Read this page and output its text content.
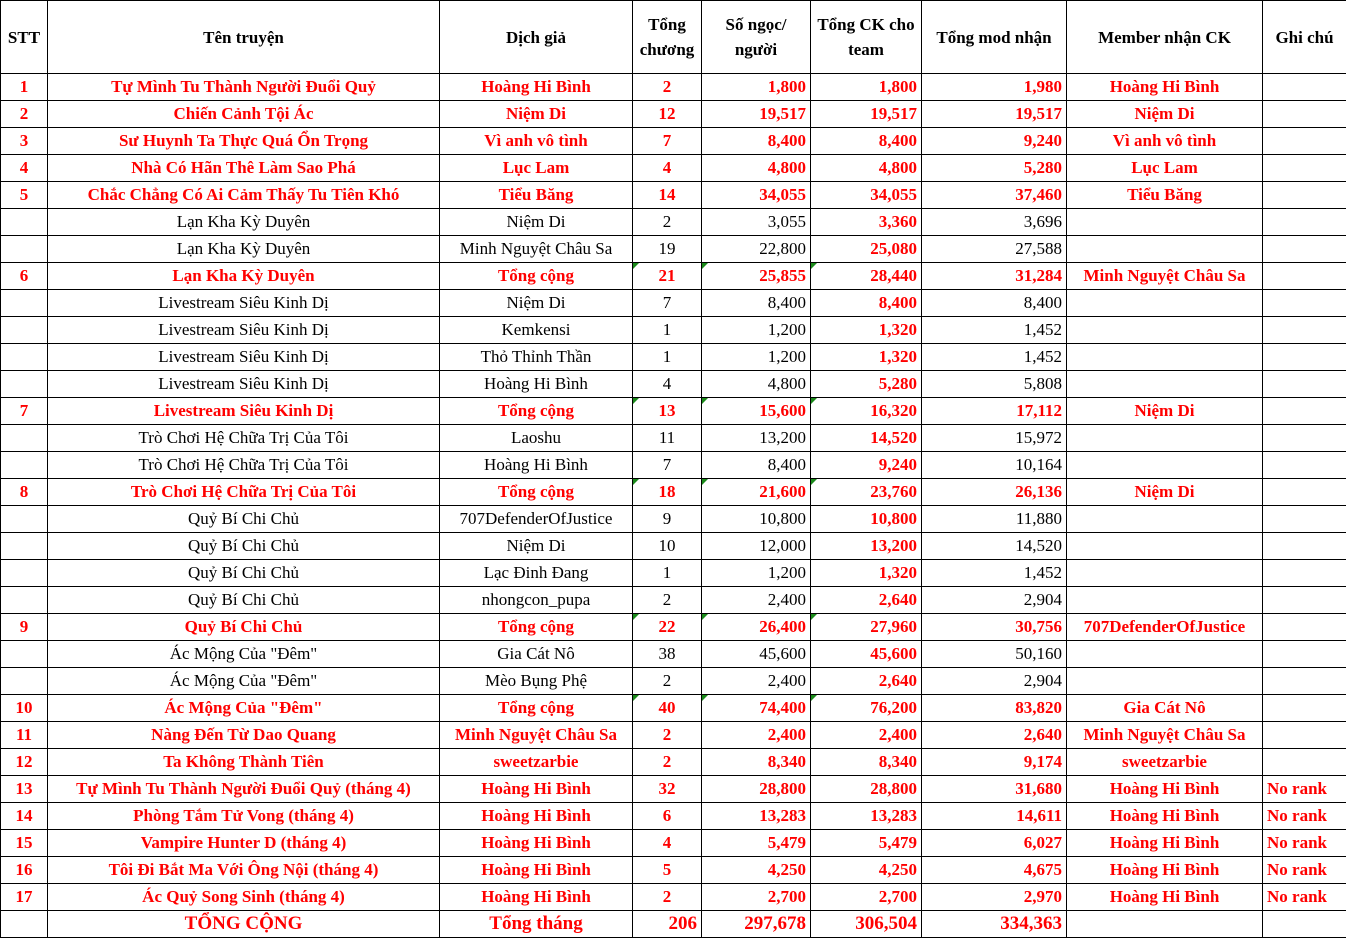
STT	Tên truyện	Dịch giả	Tổng chương	Số ngọc/ người	Tổng CK cho team	Tổng mod nhận	Member nhận CK	Ghi chú
1	Tự Mình Tu Thành Người Đuổi Quỷ	Hoàng Hi Bình	2	1,800	1,800	1,980	Hoàng Hi Bình	
2	Chiến Cảnh Tội Ác	Niệm Di	12	19,517	19,517	19,517	Niệm Di	
3	Sư Huynh Ta Thực Quá Ổn Trọng	Vì anh vô tình	7	8,400	8,400	9,240	Vì anh vô tình	
4	Nhà Có Hãn Thê Làm Sao Phá	Lục Lam	4	4,800	4,800	5,280	Lục Lam	
5	Chắc Chẳng Có Ai Cảm Thấy Tu Tiên Khó	Tiểu Băng	14	34,055	34,055	37,460	Tiểu Băng	
	Lạn Kha Kỳ Duyên	Niệm Di	2	3,055	3,360	3,696		
	Lạn Kha Kỳ Duyên	Minh Nguyệt Châu Sa	19	22,800	25,080	27,588		
6	Lạn Kha Kỳ Duyên	Tổng cộng	21	25,855	28,440	31,284	Minh Nguyệt Châu Sa	
	Livestream Siêu Kinh Dị	Niệm Di	7	8,400	8,400	8,400		
	Livestream Siêu Kinh Dị	Kemkensi	1	1,200	1,320	1,452		
	Livestream Siêu Kinh Dị	Thỏ Thỉnh Thần	1	1,200	1,320	1,452		
	Livestream Siêu Kinh Dị	Hoàng Hi Bình	4	4,800	5,280	5,808		
7	Livestream Siêu Kinh Dị	Tổng cộng	13	15,600	16,320	17,112	Niệm Di	
	Trò Chơi Hệ Chữa Trị Của Tôi	Laoshu	11	13,200	14,520	15,972		
	Trò Chơi Hệ Chữa Trị Của Tôi	Hoàng Hi Bình	7	8,400	9,240	10,164		
8	Trò Chơi Hệ Chữa Trị Của Tôi	Tổng cộng	18	21,600	23,760	26,136	Niệm Di	
	Quỷ Bí Chi Chủ	707DefenderOfJustice	9	10,800	10,800	11,880		
	Quỷ Bí Chi Chủ	Niệm Di	10	12,000	13,200	14,520		
	Quỷ Bí Chi Chủ	Lạc Đinh Đang	1	1,200	1,320	1,452		
	Quỷ Bí Chi Chủ	nhongcon_pupa	2	2,400	2,640	2,904		
9	Quỷ Bí Chi Chủ	Tổng cộng	22	26,400	27,960	30,756	707DefenderOfJustice	
	Ác Mộng Của "Đêm"	Gia Cát Nô	38	45,600	45,600	50,160		
	Ác Mộng Của "Đêm"	Mèo Bụng Phệ	2	2,400	2,640	2,904		
10	Ác Mộng Của "Đêm"	Tổng cộng	40	74,400	76,200	83,820	Gia Cát Nô	
11	Nàng Đến Từ Dao Quang	Minh Nguyệt Châu Sa	2	2,400	2,400	2,640	Minh Nguyệt Châu Sa	
12	Ta Không Thành Tiên	sweetzarbie	2	8,340	8,340	9,174	sweetzarbie	
13	Tự Mình Tu Thành Người Đuổi Quỷ (tháng 4)	Hoàng Hi Bình	32	28,800	28,800	31,680	Hoàng Hi Bình	No rank
14	Phòng Tắm Tử Vong (tháng 4)	Hoàng Hi Bình	6	13,283	13,283	14,611	Hoàng Hi Bình	No rank
15	Vampire Hunter D (tháng 4)	Hoàng Hi Bình	4	5,479	5,479	6,027	Hoàng Hi Bình	No rank
16	Tôi Đi Bắt Ma Với Ông Nội (tháng 4)	Hoàng Hi Bình	5	4,250	4,250	4,675	Hoàng Hi Bình	No rank
17	Ác Quỷ Song Sinh (tháng 4)	Hoàng Hi Bình	2	2,700	2,700	2,970	Hoàng Hi Bình	No rank
	TỔNG CỘNG	Tổng tháng	206	297,678	306,504	334,363		
